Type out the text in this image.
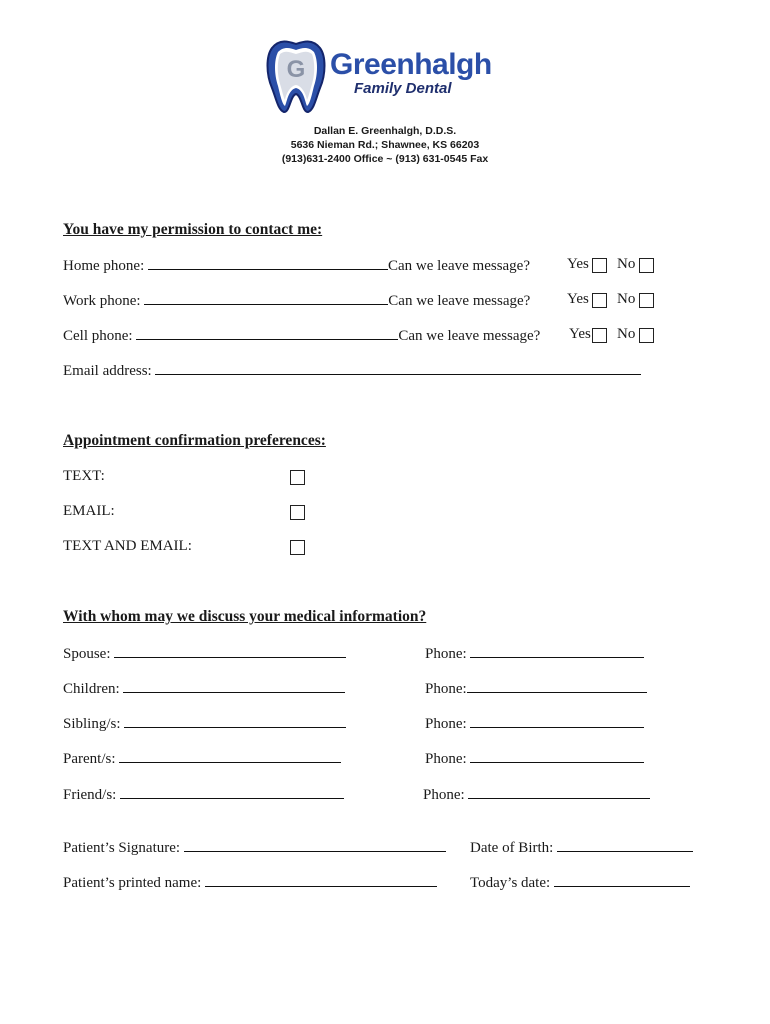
G Greenhalgh
Family Dental
Dallan E. Greenhalgh, D.D.S.
5636 Nieman Rd.; Shawnee, KS 66203
(913)631-2400 Office ~ (913) 631-0545 Fax
You have my permission to contact me:
Home phone:	Can we leave message? Yes No
Work phone:	Can we leave message? Yes No
Cell phone:	Can we leave message? Yes No
Email address:
Appointment confirmation preferences:
TEXT:
EMAIL:
TEXT AND EMAIL:
With whom may we discuss your medical information?
Spouse:	Phone:
Children:	Phone:
Sibling/s:	Phone:
Parent/s:	Phone:
Friend/s:	Phone:
Patient’s Signature:	Date of Birth:
Patient’s printed name:	Today’s date:
